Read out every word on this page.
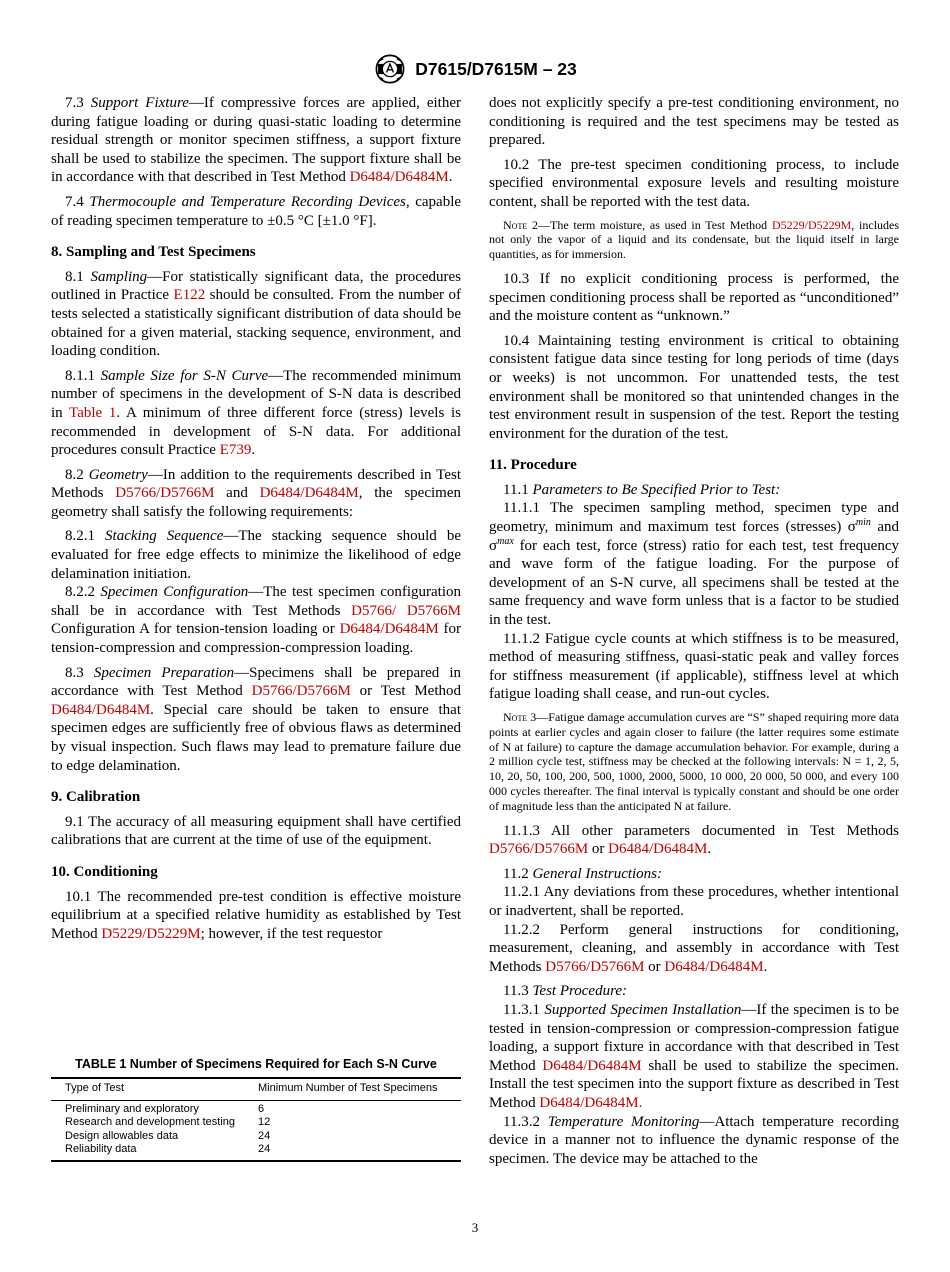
D7615/D7615M – 23

7.3 Support Fixture—If compressive forces are applied, either during fatigue loading or during quasi-static loading to determine residual strength or monitor specimen stiffness, a support fixture shall be used to stabilize the specimen. The support fixture shall be in accordance with that described in Test Method D6484/D6484M.

7.4 Thermocouple and Temperature Recording Devices, capable of reading specimen temperature to ±0.5 °C [±1.0 °F].

8. Sampling and Test Specimens

8.1 Sampling—For statistically significant data, the procedures outlined in Practice E122 should be consulted. From the number of tests selected a statistically significant distribution of data should be obtained for a given material, stacking sequence, environment, and loading condition.

8.1.1 Sample Size for S-N Curve—The recommended minimum number of specimens in the development of S-N data is described in Table 1. A minimum of three different force (stress) levels is recommended in development of S-N data. For additional procedures consult Practice E739.

8.2 Geometry—In addition to the requirements described in Test Methods D5766/D5766M and D6484/D6484M, the specimen geometry shall satisfy the following requirements:

8.2.1 Stacking Sequence—The stacking sequence should be evaluated for free edge effects to minimize the likelihood of edge delamination initiation.

8.2.2 Specimen Configuration—The test specimen configuration shall be in accordance with Test Methods D5766/ D5766M Configuration A for tension-tension loading or D6484/D6484M for tension-compression and compression-compression loading.

8.3 Specimen Preparation—Specimens shall be prepared in accordance with Test Method D5766/D5766M or Test Method D6484/D6484M. Special care should be taken to ensure that specimen edges are sufficiently free of obvious flaws as determined by visual inspection. Such flaws may lead to premature failure due to edge delamination.

9. Calibration

9.1 The accuracy of all measuring equipment shall have certified calibrations that are current at the time of use of the equipment.

10. Conditioning

10.1 The recommended pre-test condition is effective moisture equilibrium at a specified relative humidity as established by Test Method D5229/D5229M; however, if the test requestor

TABLE 1 Number of Specimens Required for Each S-N Curve
Type of Test	Minimum Number of Test Specimens
Preliminary and exploratory	6
Research and development testing	12
Design allowables data	24
Reliability data	24

does not explicitly specify a pre-test conditioning environment, no conditioning is required and the test specimens may be tested as prepared.

10.2 The pre-test specimen conditioning process, to include specified environmental exposure levels and resulting moisture content, shall be reported with the test data.

Note 2—The term moisture, as used in Test Method D5229/D5229M, includes not only the vapor of a liquid and its condensate, but the liquid itself in large quantities, as for immersion.

10.3 If no explicit conditioning process is performed, the specimen conditioning process shall be reported as “unconditioned” and the moisture content as “unknown.”

10.4 Maintaining testing environment is critical to obtaining consistent fatigue data since testing for long periods of time (days or weeks) is not uncommon. For unattended tests, the test environment shall be monitored so that unintended changes in the test environment result in suspension of the test. Report the testing environment for the duration of the test.

11. Procedure

11.1 Parameters to Be Specified Prior to Test:

11.1.1 The specimen sampling method, specimen type and geometry, minimum and maximum test forces (stresses) $\sigma^{min}$ and $\sigma^{max}$ for each test, force (stress) ratio for each test, test frequency and wave form of the fatigue loading. For the purpose of development of an S-N curve, all specimens shall be tested at the same frequency and wave form unless that is a factor to be studied in the test.

11.1.2 Fatigue cycle counts at which stiffness is to be measured, method of measuring stiffness, quasi-static peak and valley forces for stiffness measurement (if applicable), stiffness level at which fatigue loading shall cease, and run-out cycles.

Note 3—Fatigue damage accumulation curves are “S” shaped requiring more data points at earlier cycles and again closer to failure (the latter requires some estimate of N at failure) to capture the damage accumulation behavior. For example, during a 2 million cycle test, stiffness may be checked at the following intervals: N = 1, 2, 5, 10, 20, 50, 100, 200, 500, 1000, 2000, 5000, 10 000, 20 000, 50 000, and every 100 000 cycles thereafter. The final interval is typically constant and should be one order of magnitude less than the anticipated N at failure.

11.1.3 All other parameters documented in Test Methods D5766/D5766M or D6484/D6484M.

11.2 General Instructions:

11.2.1 Any deviations from these procedures, whether intentional or inadvertent, shall be reported.

11.2.2 Perform general instructions for conditioning, measurement, cleaning, and assembly in accordance with Test Methods D5766/D5766M or D6484/D6484M.

11.3 Test Procedure:

11.3.1 Supported Specimen Installation—If the specimen is to be tested in tension-compression or compression-compression fatigue loading, a support fixture in accordance with that described in Test Method D6484/D6484M shall be used to stabilize the specimen. Install the test specimen into the support fixture as described in Test Method D6484/D6484M.

11.3.2 Temperature Monitoring—Attach temperature recording device in a manner not to influence the dynamic response of the specimen. The device may be attached to the

3
